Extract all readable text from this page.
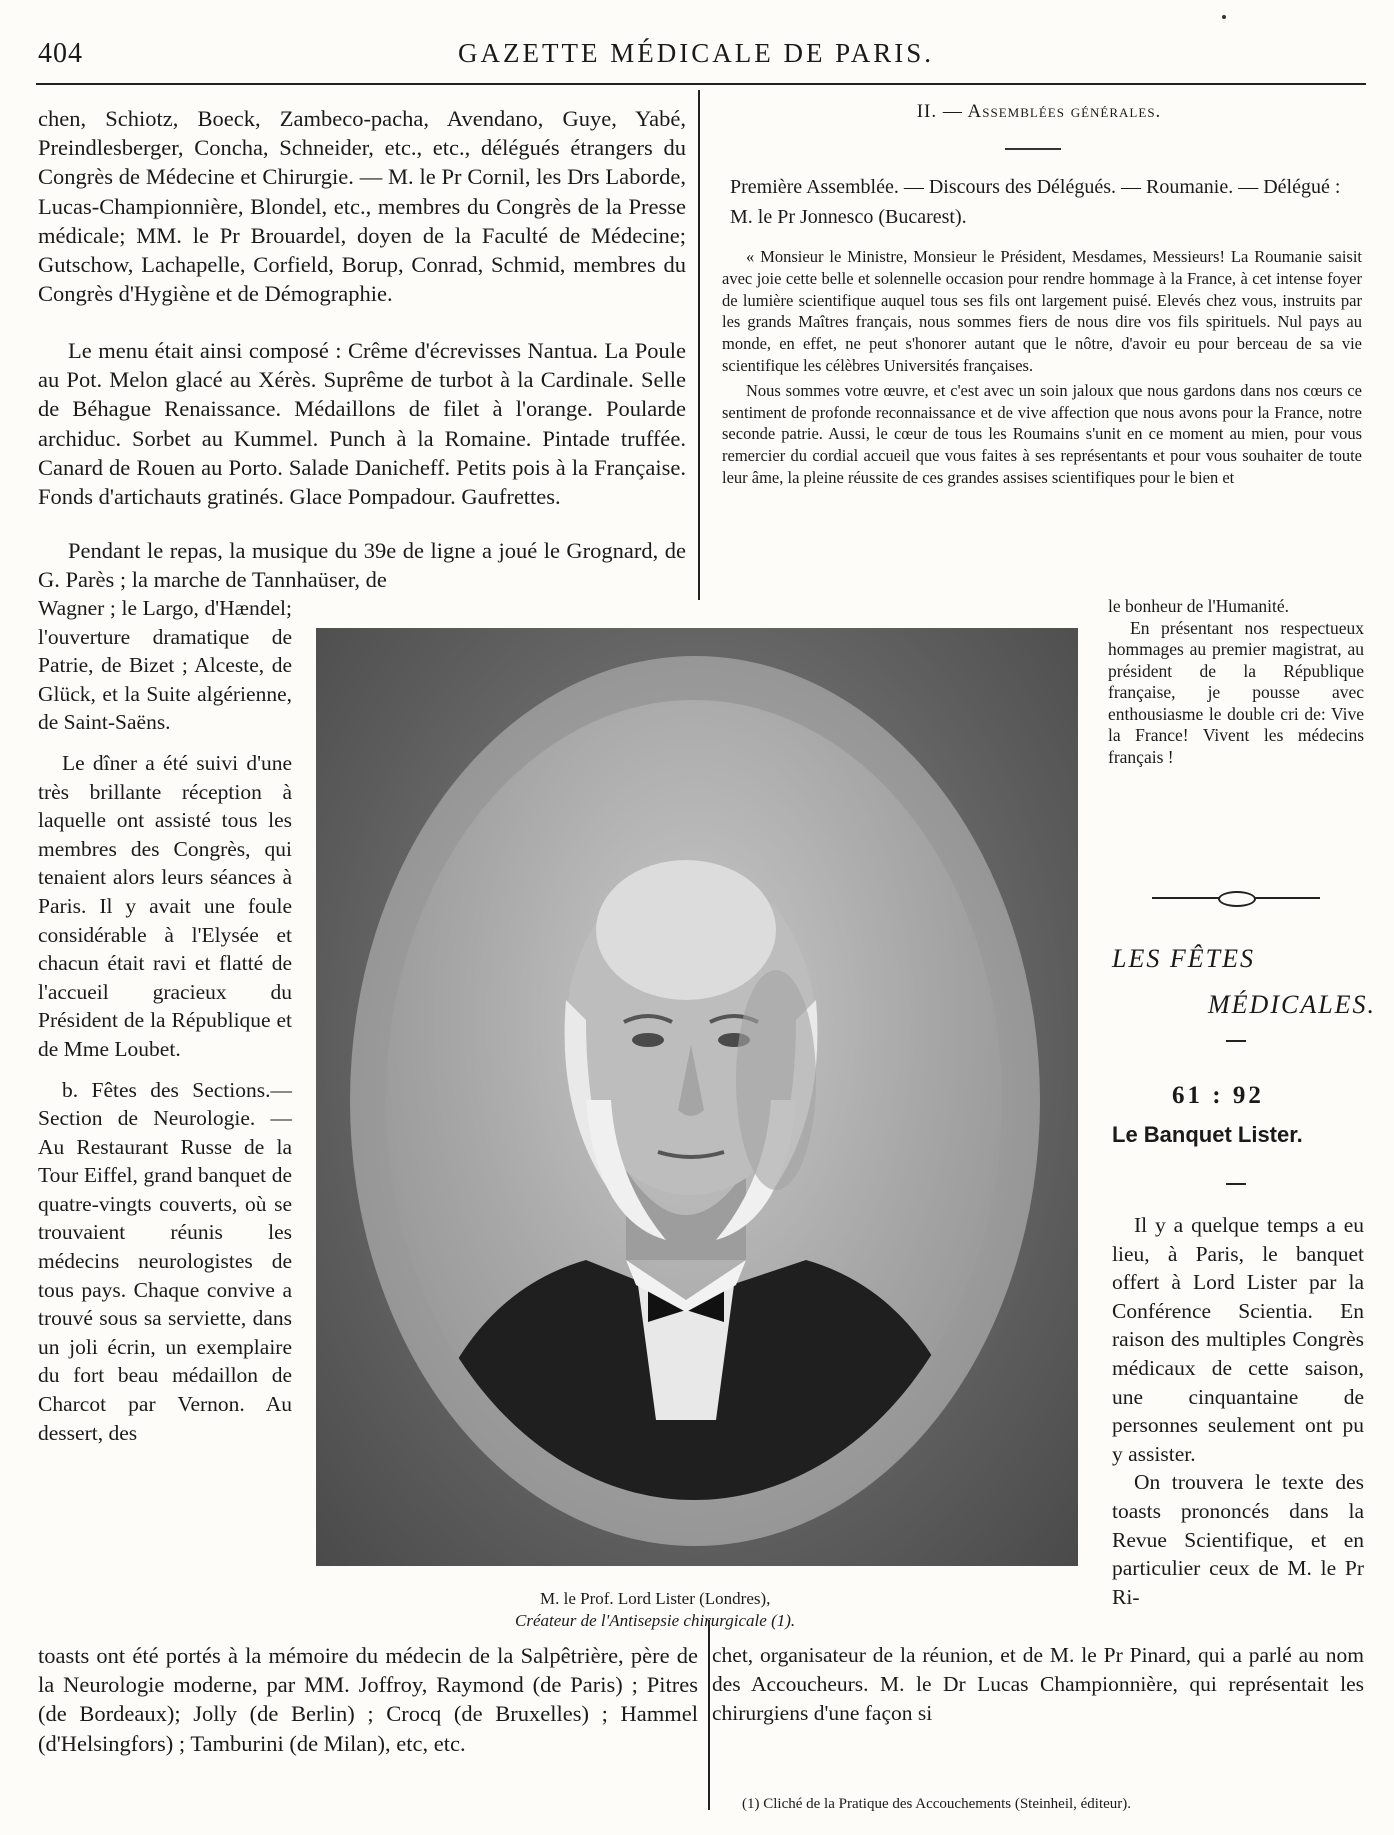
404	GAZETTE MÉDICALE DE PARIS.
chen, Schiotz, Boeck, Zambeco-pacha, Avendano, Guye, Yabé, Preindlesberger, Concha, Schneider, etc., etc., délégués étrangers du Congrès de Médecine et Chirurgie. — M. le Pr Cornil, les Drs Laborde, Lucas-Championnière, Blondel, etc., membres du Congrès de la Presse médicale; MM. le Pr Brouardel, doyen de la Faculté de Médecine; Gutschow, Lachapelle, Corfield, Borup, Conrad, Schmid, membres du Congrès d'Hygiène et de Démographie.
Le menu était ainsi composé : Crême d'écrevisses Nantua. La Poule au Pot. Melon glacé au Xérès. Suprême de turbot à la Cardinale. Selle de Béhague Renaissance. Médaillons de filet à l'orange. Poularde archiduc. Sorbet au Kummel. Punch à la Romaine. Pintade truffée. Canard de Rouen au Porto. Salade Danicheff. Petits pois à la Française. Fonds d'artichauts gratinés. Glace Pompadour. Gaufrettes.
Pendant le repas, la musique du 39e de ligne a joué le Grognard, de G. Parès ; la marche de Tannhaüser, de

Wagner ; le Largo, d'Hændel; l'ouverture dramatique de Patrie, de Bizet ; Alceste, de Glück, et la Suite algérienne, de Saint-Saëns.

Le dîner a été suivi d'une très brillante réception à laquelle ont assisté tous les membres des Congrès, qui tenaient alors leurs séances à Paris. Il y avait une foule considérable à l'Elysée et chacun était ravi et flatté de l'accueil gracieux du Président de la République et de Mme Loubet.

b. Fêtes des Sections.— Section de Neurologie. — Au Restaurant Russe de la Tour Eiffel, grand banquet de quatre-vingts couverts, où se trouvaient réunis les médecins neurologistes de tous pays. Chaque convive a trouvé sous sa serviette, dans un joli écrin, un exemplaire du fort beau médaillon de Charcot par Vernon. Au dessert, des

toasts ont été portés à la mémoire du médecin de la Salpêtrière, père de la Neurologie moderne, par MM. Joffroy, Raymond (de Paris) ; Pitres (de Bordeaux); Jolly (de Berlin) ; Crocq (de Bruxelles) ; Hammel (d'Helsingfors) ; Tamburini (de Milan), etc, etc.
II. — Assemblées générales.
Première Assemblée. — Discours des Délégués. — Roumanie. — Délégué : M. le Pr Jonnesco (Bucarest).

« Monsieur le Ministre, Monsieur le Président, Mesdames, Messieurs! La Roumanie saisit avec joie cette belle et solennelle occasion pour rendre hommage à la France, à cet intense foyer de lumière scientifique auquel tous ses fils ont largement puisé. Elevés chez vous, instruits par les grands Maîtres français, nous sommes fiers de nous dire vos fils spirituels. Nul pays au monde, en effet, ne peut s'honorer autant que le nôtre, d'avoir eu pour berceau de sa vie scientifique les célèbres Universités françaises.

Nous sommes votre œuvre, et c'est avec un soin jaloux que nous gardons dans nos cœurs ce sentiment de profonde reconnaissance et de vive affection que nous avons pour la France, notre seconde patrie. Aussi, le cœur de tous les Roumains s'unit en ce moment au mien, pour vous remercier du cordial accueil que vous faites à ses représentants et pour vous souhaiter de toute leur âme, la pleine réussite de ces grandes assises scientifiques pour le bien et

le bonheur de l'Humanité.

En présentant nos respectueux hommages au premier magistrat, au président de la République française, je pousse avec enthousiasme le double cri de: Vive la France! Vivent les médecins français !

LES FÊTES
MÉDICALES.
61 : 92
Le Banquet Lister.

Il y a quelque temps a eu lieu, à Paris, le banquet offert à Lord Lister par la Conférence Scientia. En raison des multiples Congrès médicaux de cette saison, une cinquantaine de personnes seulement ont pu y assister.

On trouvera le texte des toasts prononcés dans la Revue Scientifique, et en particulier ceux de M. le Pr Ri-

chet, organisateur de la réunion, et de M. le Pr Pinard, qui a parlé au nom des Accoucheurs. M. le Dr Lucas Championnière, qui représentait les chirurgiens d'une façon si
(1) Cliché de la Pratique des Accouchements (Steinheil, éditeur).
M. le Prof. Lord Lister (Londres),
Créateur de l'Antisepsie chirurgicale (1).
